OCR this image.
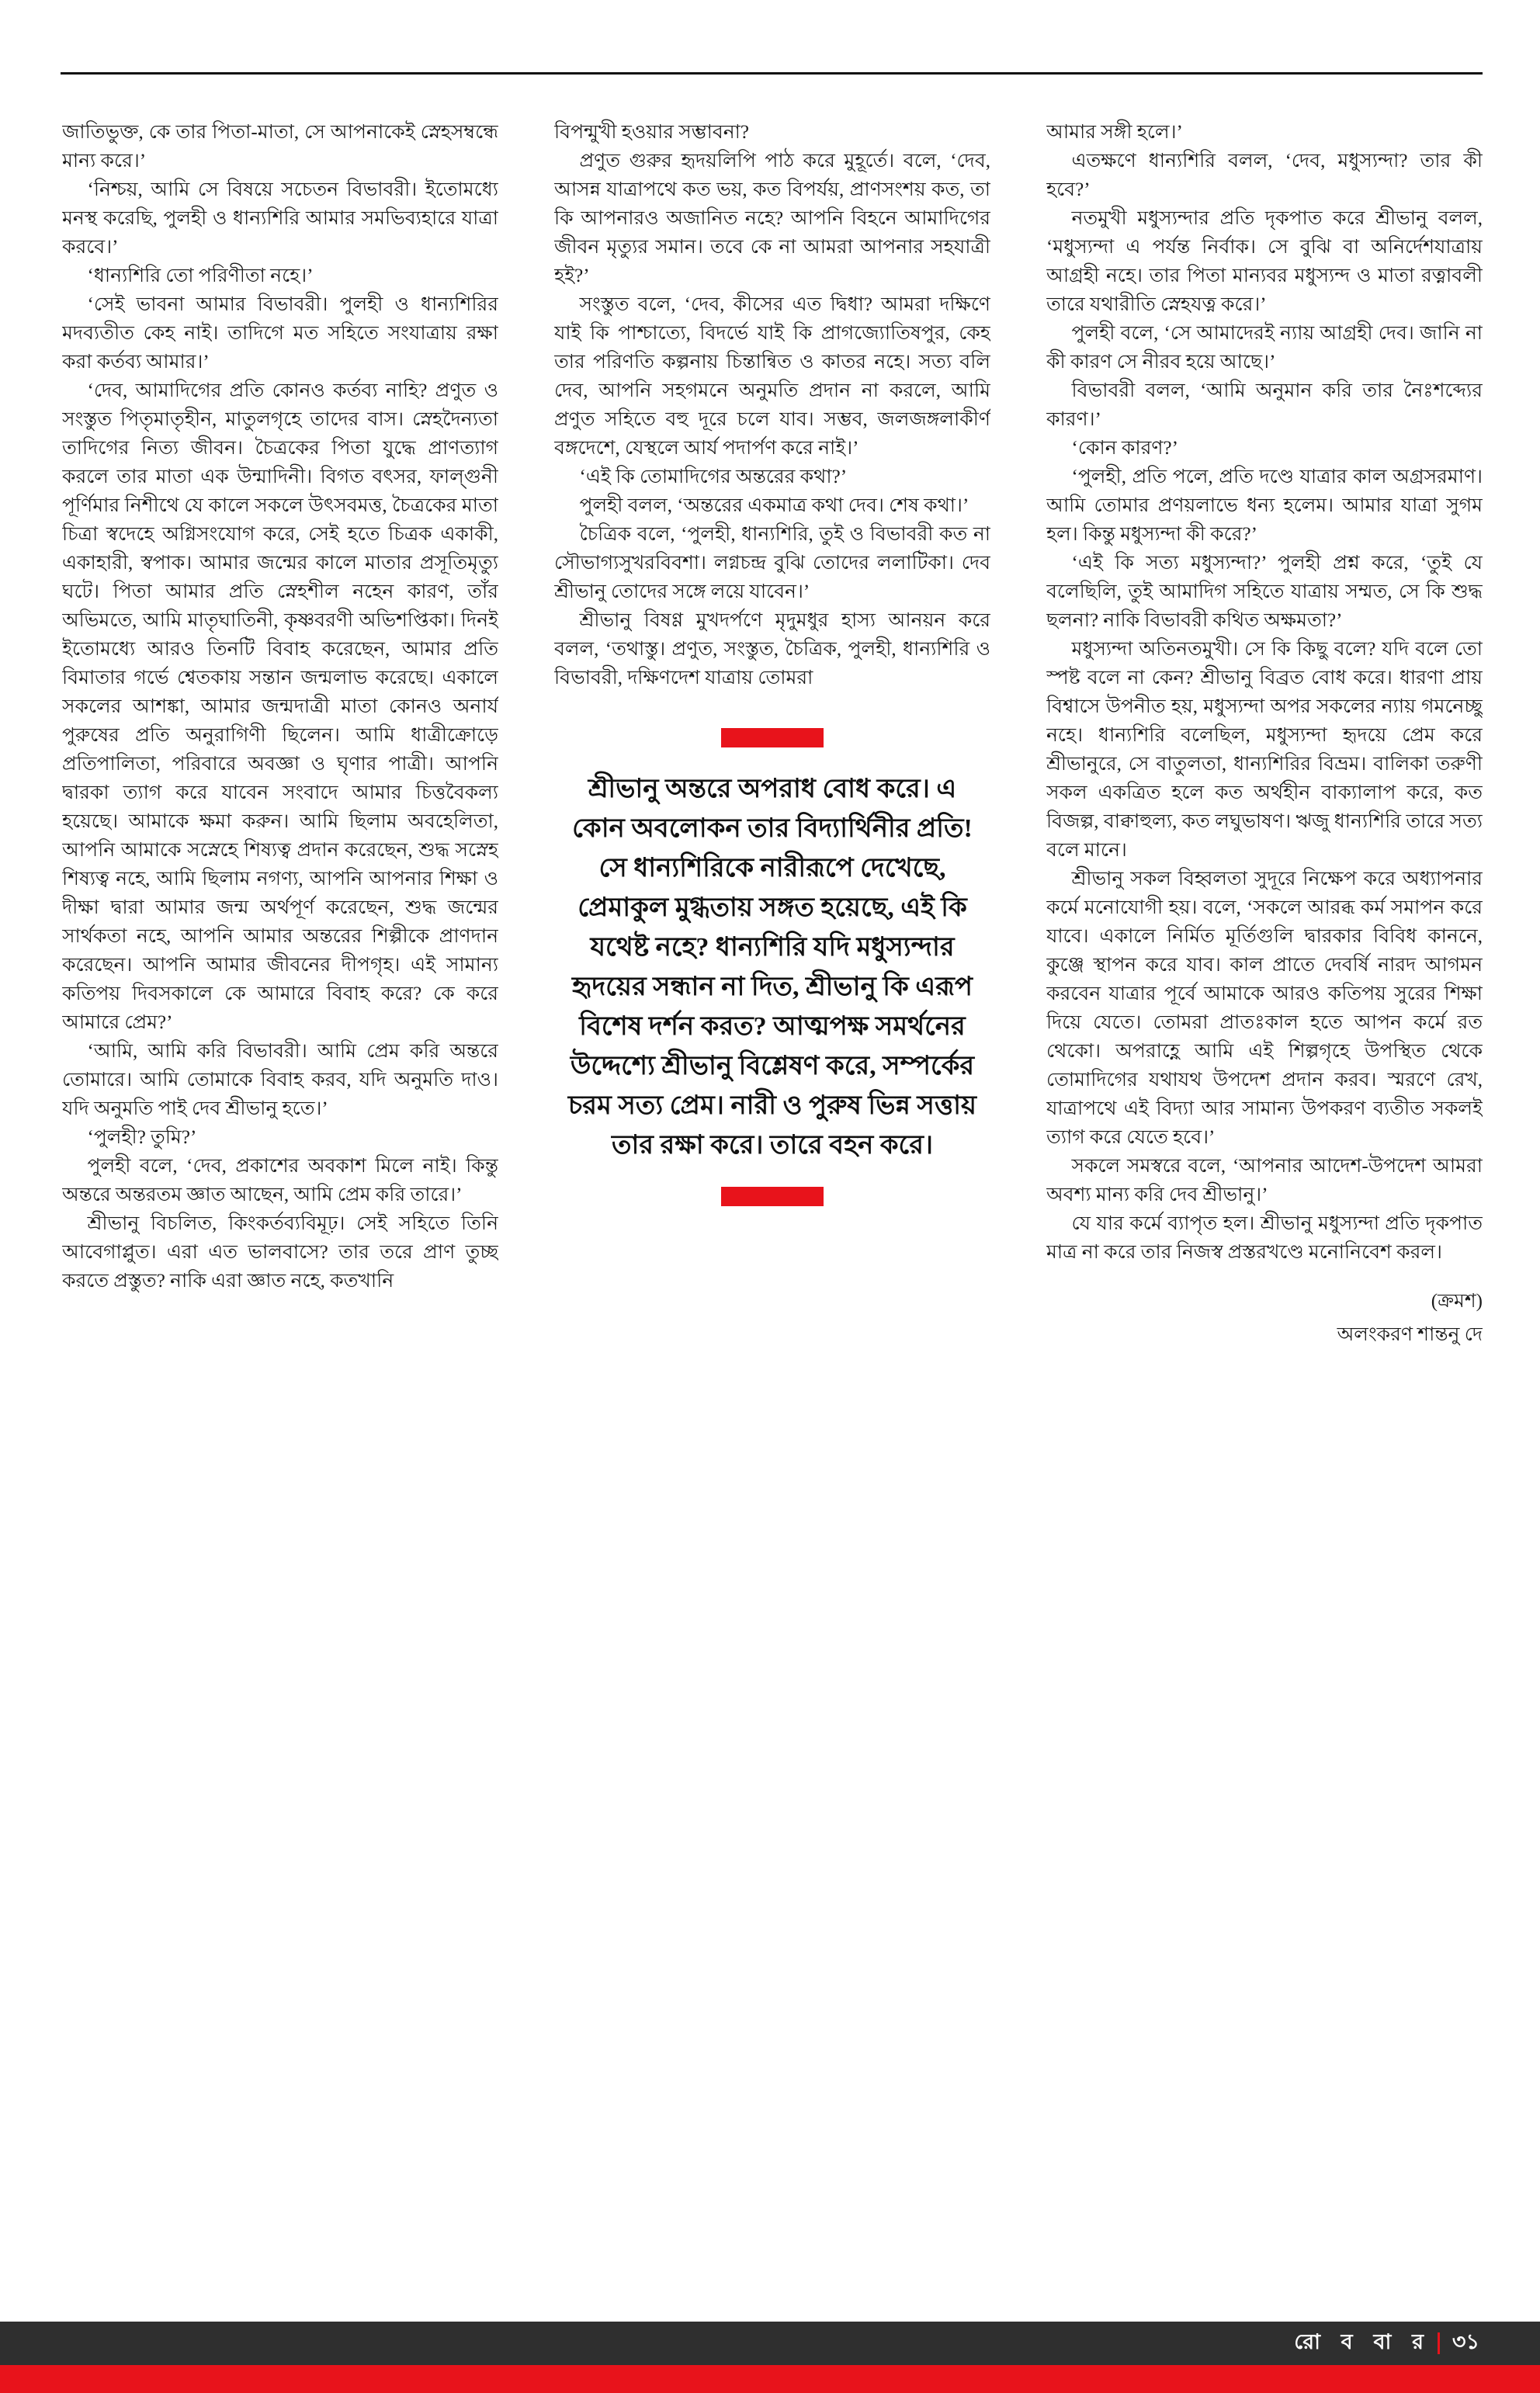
জাতিভুক্ত, কে তার পিতা-মাতা, সে আপনাকেই স্নেহসম্বন্ধে মান্য করে।’

‘নিশ্চয়, আমি সে বিষয়ে সচেতন বিভাবরী। ইতোমধ্যে মনস্থ করেছি, পুলহী ও ধান্যশিরি আমার সমভিব্যহারে যাত্রা করবে।’

‘ধান্যশিরি তো পরিণীতা নহে।’

‘সেই ভাবনা আমার বিভাবরী। পুলহী ও ধান্যশিরির মদব্যতীত কেহ নাই। তাদিগে মত সহিতে সংযাত্রায় রক্ষা করা কর্তব্য আমার।’

‘দেব, আমাদিগের প্রতি কোনও কর্তব্য নাহি? প্রণুত ও সংস্তুত পিতৃমাতৃহীন, মাতুলগৃহে তাদের বাস। স্নেহদৈন্যতা তাদিগের নিত্য জীবন। চৈত্রকের পিতা যুদ্ধে প্রাণত্যাগ করলে তার মাতা এক উন্মাদিনী। বিগত বৎসর, ফাল্গুনী পূর্ণিমার নিশীথে যে কালে সকলে উৎসবমত্ত, চৈত্রকের মাতা চিত্রা স্বদেহে অগ্নিসংযোগ করে, সেই হতে চিত্রক একাকী, একাহারী, স্বপাক। আমার জন্মের কালে মাতার প্রসূতিমৃত্যু ঘটে। পিতা আমার প্রতি স্নেহশীল নহেন কারণ, তাঁর অভিমতে, আমি মাতৃঘাতিনী, কৃষ্ণবরণী অভিশপ্তিকা। দিনই ইতোমধ্যে আরও তিনটি বিবাহ করেছেন, আমার প্রতি বিমাতার গর্ভে শ্বেতকায় সন্তান জন্মলাভ করেছে। একালে সকলের আশঙ্কা, আমার জন্মদাত্রী মাতা কোনও অনার্য পুরুষের প্রতি অনুরাগিণী ছিলেন। আমি ধাত্রীক্রোড়ে প্রতিপালিতা, পরিবারে অবজ্ঞা ও ঘৃণার পাত্রী। আপনি দ্বারকা ত্যাগ করে যাবেন সংবাদে আমার চিত্তবৈকল্য হয়েছে। আমাকে ক্ষমা করুন। আমি ছিলাম অবহেলিতা, আপনি আমাকে সস্নেহে শিষ্যত্ব প্রদান করেছেন, শুদ্ধ সস্নেহ শিষ্যত্ব নহে, আমি ছিলাম নগণ্য, আপনি আপনার শিক্ষা ও দীক্ষা দ্বারা আমার জন্ম অর্থপূর্ণ করেছেন, শুদ্ধ জন্মের সার্থকতা নহে, আপনি আমার অন্তরের শিল্পীকে প্রাণদান করেছেন। আপনি আমার জীবনের দীপগৃহ। এই সামান্য কতিপয় দিবসকালে কে আমারে বিবাহ করে? কে করে আমারে প্রেম?’

‘আমি, আমি করি বিভাবরী। আমি প্রেম করি অন্তরে তোমারে। আমি তোমাকে বিবাহ করব, যদি অনুমতি দাও। যদি অনুমতি পাই দেব শ্রীভানু হতে।’

‘পুলহী? তুমি?’

পুলহী বলে, ‘দেব, প্রকাশের অবকাশ মিলে নাই। কিন্তু অন্তরে অন্তরতম জ্ঞাত আছেন, আমি প্রেম করি তারে।’

শ্রীভানু বিচলিত, কিংকর্তব্যবিমূঢ়। সেই সহিতে তিনি আবেগাপ্লুত। এরা এত ভালবাসে? তার তরে প্রাণ তুচ্ছ করতে প্রস্তুত? নাকি এরা জ্ঞাত নহে, কতখানি

বিপন্মুখী হওয়ার সম্ভাবনা?

প্রণুত গুরুর হৃদয়লিপি পাঠ করে মুহূর্তে। বলে, ‘দেব, আসন্ন যাত্রাপথে কত ভয়, কত বিপর্যয়, প্রাণসংশয় কত, তা কি আপনারও অজানিত নহে? আপনি বিহনে আমাদিগের জীবন মৃত্যুর সমান। তবে কে না আমরা আপনার সহযাত্রী হই?’

সংস্তুত বলে, ‘দেব, কীসের এত দ্বিধা? আমরা দক্ষিণে যাই কি পাশ্চাত্যে, বিদর্ভে যাই কি প্রাগজ্যোতিষপুর, কেহ তার পরিণতি কল্পনায় চিন্তান্বিত ও কাতর নহে। সত্য বলি দেব, আপনি সহগমনে অনুমতি প্রদান না করলে, আমি প্রণুত সহিতে বহু দূরে চলে যাব। সম্ভব, জলজঙ্গলাকীর্ণ বঙ্গদেশে, যেস্থলে আর্য পদার্পণ করে নাই।’

‘এই কি তোমাদিগের অন্তরের কথা?’

পুলহী বলল, ‘অন্তরের একমাত্র কথা দেব। শেষ কথা।’

চৈত্রিক বলে, ‘পুলহী, ধান্যশিরি, তুই ও বিভাবরী কত না সৌভাগ্যসুখরবিবশা। লগ্নচন্দ্র বুঝি তোদের ললাটিকা। দেব শ্রীভানু তোদের সঙ্গে লয়ে যাবেন।’

শ্রীভানু বিষণ্ণ মুখদর্পণে মৃদুমধুর হাস্য আনয়ন করে বলল, ‘তথাস্তু। প্রণুত, সংস্তুত, চৈত্রিক, পুলহী, ধান্যশিরি ও বিভাবরী, দক্ষিণদেশ যাত্রায় তোমরা

শ্রীভানু অন্তরে অপরাধ বোধ করে। এ কোন অবলোকন তার বিদ্যার্থিনীর প্রতি! সে ধান্যশিরিকে নারীরূপে দেখেছে, প্রেমাকুল মুগ্ধতায় সঙ্গত হয়েছে, এই কি যথেষ্ট নহে? ধান্যশিরি যদি মধুস্যন্দার হৃদয়ের সন্ধান না দিত, শ্রীভানু কি এরূপ বিশেষ দর্শন করত? আত্মপক্ষ সমর্থনের উদ্দেশ্যে শ্রীভানু বিশ্লেষণ করে, সম্পর্কের চরম সত্য প্রেম। নারী ও পুরুষ ভিন্ন সত্তায় তার রক্ষা করে। তারে বহন করে।

আমার সঙ্গী হলে।’

এতক্ষণে ধান্যশিরি বলল, ‘দেব, মধুস্যন্দা? তার কী হবে?’

নতমুখী মধুস্যন্দার প্রতি দৃকপাত করে শ্রীভানু বলল, ‘মধুস্যন্দা এ পর্যন্ত নির্বাক। সে বুঝি বা অনির্দেশযাত্রায় আগ্রহী নহে। তার পিতা মান্যবর মধুস্যন্দ ও মাতা রত্নাবলী তারে যথারীতি স্নেহযত্ন করে।’

পুলহী বলে, ‘সে আমাদেরই ন্যায় আগ্রহী দেব। জানি না কী কারণ সে নীরব হয়ে আছে।’

বিভাবরী বলল, ‘আমি অনুমান করি তার নৈঃশব্দ্যের কারণ।’

‘কোন কারণ?’

‘পুলহী, প্রতি পলে, প্রতি দণ্ডে যাত্রার কাল অগ্রসরমাণ। আমি তোমার প্রণয়লাভে ধন্য হলেম। আমার যাত্রা সুগম হল। কিন্তু মধুস্যন্দা কী করে?’

‘এই কি সত্য মধুস্যন্দা?’ পুলহী প্রশ্ন করে, ‘তুই যে বলেছিলি, তুই আমাদিগ সহিতে যাত্রায় সম্মত, সে কি শুদ্ধ ছলনা? নাকি বিভাবরী কথিত অক্ষমতা?’

মধুস্যন্দা অতিনতমুখী। সে কি কিছু বলে? যদি বলে তো স্পষ্ট বলে না কেন? শ্রীভানু বিব্রত বোধ করে। ধারণা প্রায় বিশ্বাসে উপনীত হয়, মধুস্যন্দা অপর সকলের ন্যায় গমনেচ্ছু নহে। ধান্যশিরি বলেছিল, মধুস্যন্দা হৃদয়ে প্রেম করে শ্রীভানুরে, সে বাতুলতা, ধান্যশিরির বিভ্রম। বালিকা তরুণী সকল একত্রিত হলে কত অর্থহীন বাক্যালাপ করে, কত বিজল্প, বাক্বাহুল্য, কত লঘুভাষণ। ঋজু ধান্যশিরি তারে সত্য বলে মানে।

শ্রীভানু সকল বিহ্বলতা সুদূরে নিক্ষেপ করে অধ্যাপনার কর্মে মনোযোগী হয়। বলে, ‘সকলে আরব্ধ কর্ম সমাপন করে যাবে। একালে নির্মিত মূর্তিগুলি দ্বারকার বিবিধ কাননে, কুঞ্জে স্থাপন করে যাব। কাল প্রাতে দেবর্ষি নারদ আগমন করবেন যাত্রার পূর্বে আমাকে আরও কতিপয় সুরের শিক্ষা দিয়ে যেতে। তোমরা প্রাতঃকাল হতে আপন কর্মে রত থেকো। অপরাহ্ণে আমি এই শিল্পগৃহে উপস্থিত থেকে তোমাদিগের যথাযথ উপদেশ প্রদান করব। স্মরণে রেখ, যাত্রাপথে এই বিদ্যা আর সামান্য উপকরণ ব্যতীত সকলই ত্যাগ করে যেতে হবে।’

সকলে সমস্বরে বলে, ‘আপনার আদেশ-উপদেশ আমরা অবশ্য মান্য করি দেব শ্রীভানু।’

যে যার কর্মে ব্যাপৃত হল। শ্রীভানু মধুস্যন্দা প্রতি দৃকপাত মাত্র না করে তার নিজস্ব প্রস্তরখণ্ডে মনোনিবেশ করল।

(ক্রমশ)

অলংকরণ শান্তনু দে

রো ব বা র ৩১
